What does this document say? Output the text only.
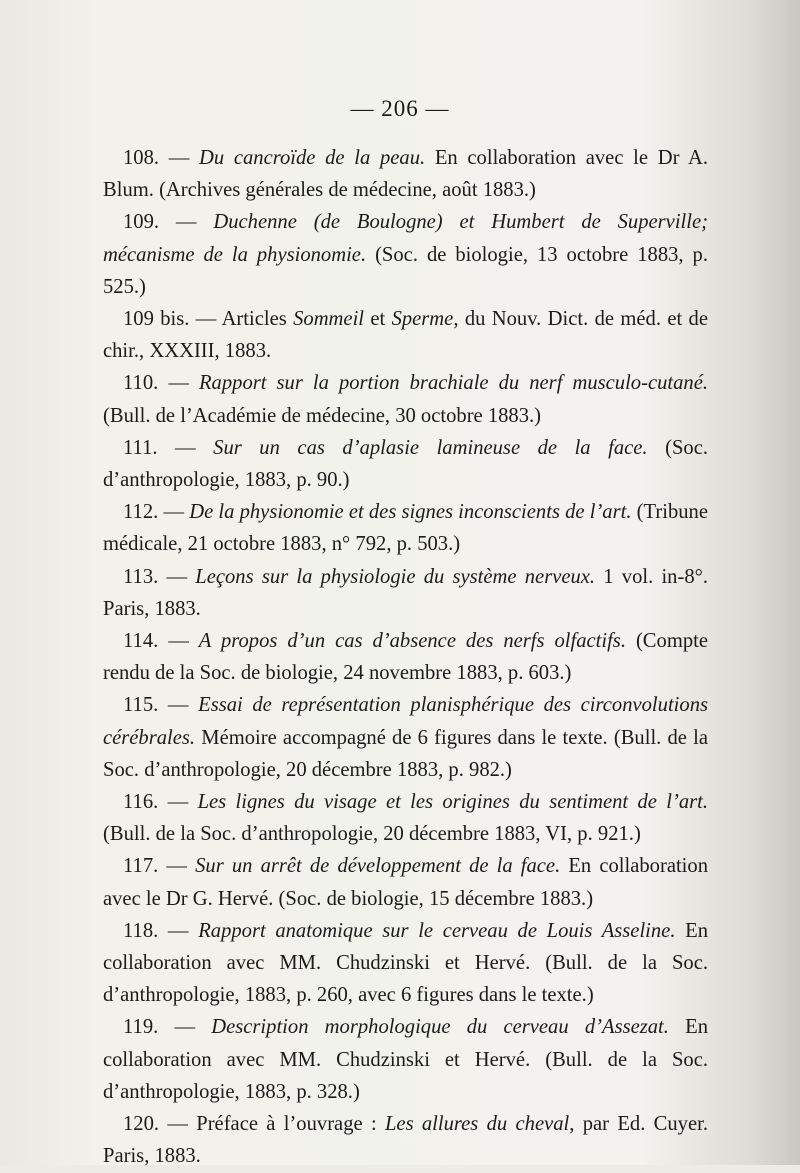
— 206 —

108. — Du cancroïde de la peau. En collaboration avec le Dr A. Blum. (Archives générales de médecine, août 1883.)

109. — Duchenne (de Boulogne) et Humbert de Superville; mécanisme de la physionomie. (Soc. de biologie, 13 octobre 1883, p. 525.)

109 bis. — Articles Sommeil et Sperme, du Nouv. Dict. de méd. et de chir., XXXIII, 1883.

110. — Rapport sur la portion brachiale du nerf musculo-cutané. (Bull. de l’Académie de médecine, 30 octobre 1883.)

111. — Sur un cas d’aplasie lamineuse de la face. (Soc. d’anthropologie, 1883, p. 90.)

112. — De la physionomie et des signes inconscients de l’art. (Tribune médicale, 21 octobre 1883, n° 792, p. 503.)

113. — Leçons sur la physiologie du système nerveux. 1 vol. in-8°. Paris, 1883.

114. — A propos d’un cas d’absence des nerfs olfactifs. (Compte rendu de la Soc. de biologie, 24 novembre 1883, p. 603.)

115. — Essai de représentation planisphérique des circonvolutions cérébrales. Mémoire accompagné de 6 figures dans le texte. (Bull. de la Soc. d’anthropologie, 20 décembre 1883, p. 982.)

116. — Les lignes du visage et les origines du sentiment de l’art. (Bull. de la Soc. d’anthropologie, 20 décembre 1883, VI, p. 921.)

117. — Sur un arrêt de développement de la face. En collaboration avec le Dr G. Hervé. (Soc. de biologie, 15 décembre 1883.)

118. — Rapport anatomique sur le cerveau de Louis Asseline. En collaboration avec MM. Chudzinski et Hervé. (Bull. de la Soc. d’anthropologie, 1883, p. 260, avec 6 figures dans le texte.)

119. — Description morphologique du cerveau d’Assezat. En collaboration avec MM. Chudzinski et Hervé. (Bull. de la Soc. d’anthropologie, 1883, p. 328.)

120. — Préface à l’ouvrage : Les allures du cheval, par Ed. Cuyer. Paris, 1883.
